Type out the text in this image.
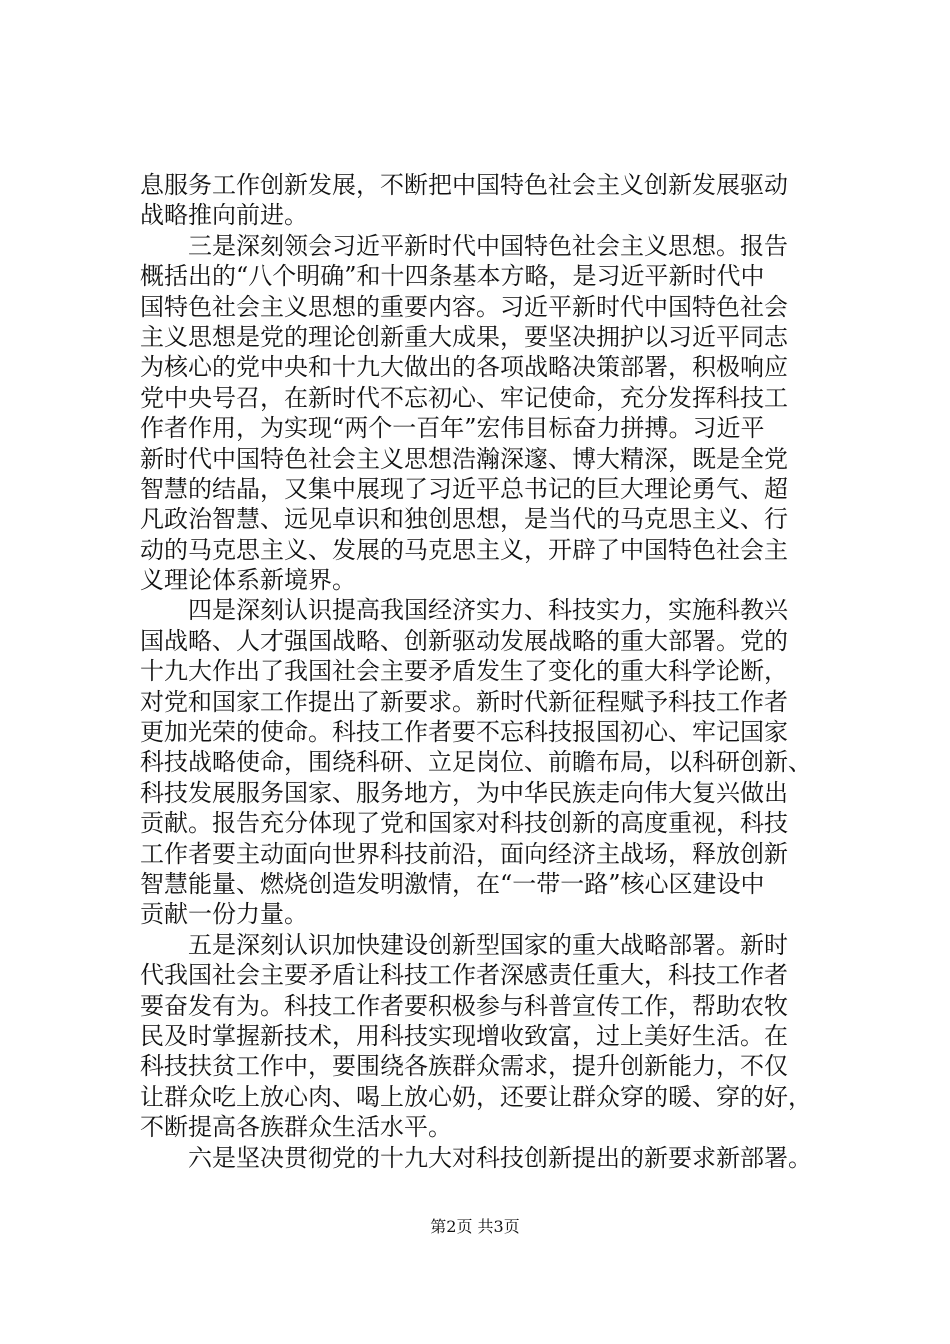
息服务工作创新发展，不断把中国特色社会主义创新发展驱动
战略推向前进。
　　三是深刻领会习近平新时代中国特色社会主义思想。报告
概括出的“八个明确”和十四条基本方略，是习近平新时代中
国特色社会主义思想的重要内容。习近平新时代中国特色社会
主义思想是党的理论创新重大成果，要坚决拥护以习近平同志
为核心的党中央和十九大做出的各项战略决策部署，积极响应
党中央号召，在新时代不忘初心、牢记使命，充分发挥科技工
作者作用，为实现“两个一百年”宏伟目标奋力拼搏。习近平
新时代中国特色社会主义思想浩瀚深邃、博大精深，既是全党
智慧的结晶，又集中展现了习近平总书记的巨大理论勇气、超
凡政治智慧、远见卓识和独创思想，是当代的马克思主义、行
动的马克思主义、发展的马克思主义，开辟了中国特色社会主
义理论体系新境界。
　　四是深刻认识提高我国经济实力、科技实力，实施科教兴
国战略、人才强国战略、创新驱动发展战略的重大部署。党的
十九大作出了我国社会主要矛盾发生了变化的重大科学论断，
对党和国家工作提出了新要求。新时代新征程赋予科技工作者
更加光荣的使命。科技工作者要不忘科技报国初心、牢记国家
科技战略使命，围绕科研、立足岗位、前瞻布局，以科研创新、
科技发展服务国家、服务地方，为中华民族走向伟大复兴做出
贡献。报告充分体现了党和国家对科技创新的高度重视，科技
工作者要主动面向世界科技前沿，面向经济主战场，释放创新
智慧能量、燃烧创造发明激情，在“一带一路”核心区建设中
贡献一份力量。
　　五是深刻认识加快建设创新型国家的重大战略部署。新时
代我国社会主要矛盾让科技工作者深感责任重大，科技工作者
要奋发有为。科技工作者要积极参与科普宣传工作，帮助农牧
民及时掌握新技术，用科技实现增收致富，过上美好生活。在
科技扶贫工作中，要围绕各族群众需求，提升创新能力，不仅
让群众吃上放心肉、喝上放心奶，还要让群众穿的暖、穿的好，
不断提高各族群众生活水平。
　　六是坚决贯彻党的十九大对科技创新提出的新要求新部署。
第2页 共3页
